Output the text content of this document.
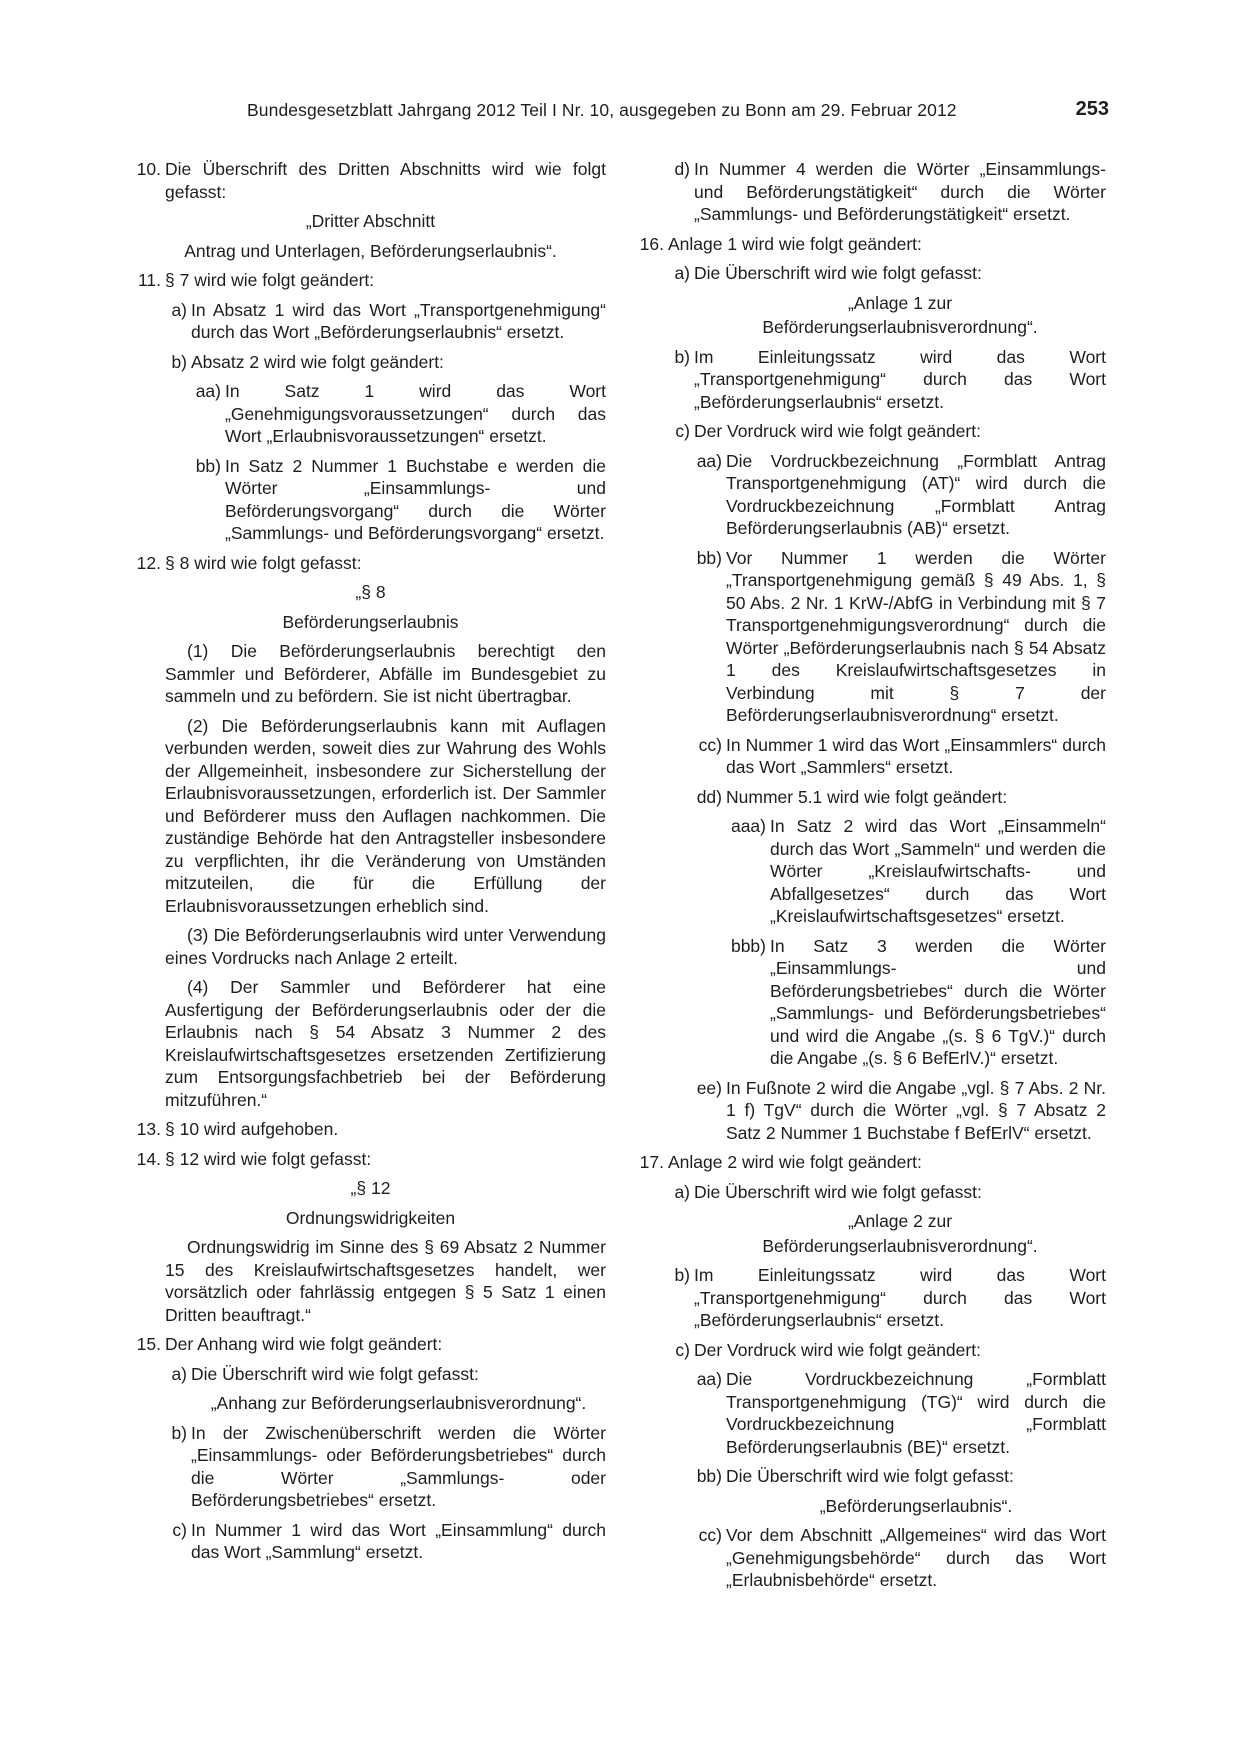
Bundesgesetzblatt Jahrgang 2012 Teil I Nr. 10, ausgegeben zu Bonn am 29. Februar 2012	253
10. Die Überschrift des Dritten Abschnitts wird wie folgt gefasst:
„Dritter Abschnitt
Antrag und Unterlagen, Beförderungserlaubnis“.
11. § 7 wird wie folgt geändert:
a) In Absatz 1 wird das Wort „Transportgenehmigung“ durch das Wort „Beförderungserlaubnis“ ersetzt.
b) Absatz 2 wird wie folgt geändert:
aa) In Satz 1 wird das Wort „Genehmigungsvoraussetzungen“ durch das Wort „Erlaubnisvoraussetzungen“ ersetzt.
bb) In Satz 2 Nummer 1 Buchstabe e werden die Wörter „Einsammlungs- und Beförderungsvorgang“ durch die Wörter „Sammlungs- und Beförderungsvorgang“ ersetzt.
12. § 8 wird wie folgt gefasst:
„§ 8
Beförderungserlaubnis
(1) Die Beförderungserlaubnis berechtigt den Sammler und Beförderer, Abfälle im Bundesgebiet zu sammeln und zu befördern. Sie ist nicht übertragbar.
(2) Die Beförderungserlaubnis kann mit Auflagen verbunden werden, soweit dies zur Wahrung des Wohls der Allgemeinheit, insbesondere zur Sicherstellung der Erlaubnisvoraussetzungen, erforderlich ist. Der Sammler und Beförderer muss den Auflagen nachkommen. Die zuständige Behörde hat den Antragsteller insbesondere zu verpflichten, ihr die Veränderung von Umständen mitzuteilen, die für die Erfüllung der Erlaubnisvoraussetzungen erheblich sind.
(3) Die Beförderungserlaubnis wird unter Verwendung eines Vordrucks nach Anlage 2 erteilt.
(4) Der Sammler und Beförderer hat eine Ausfertigung der Beförderungserlaubnis oder der die Erlaubnis nach § 54 Absatz 3 Nummer 2 des Kreislaufwirtschaftsgesetzes ersetzenden Zertifizierung zum Entsorgungsfachbetrieb bei der Beförderung mitzuführen.“
13. § 10 wird aufgehoben.
14. § 12 wird wie folgt gefasst:
„§ 12
Ordnungswidrigkeiten
Ordnungswidrig im Sinne des § 69 Absatz 2 Nummer 15 des Kreislaufwirtschaftsgesetzes handelt, wer vorsätzlich oder fahrlässig entgegen § 5 Satz 1 einen Dritten beauftragt.“
15. Der Anhang wird wie folgt geändert:
a) Die Überschrift wird wie folgt gefasst:
„Anhang zur Beförderungserlaubnisverordnung“.
b) In der Zwischenüberschrift werden die Wörter „Einsammlungs- oder Beförderungsbetriebes“ durch die Wörter „Sammlungs- oder Beförderungsbetriebes“ ersetzt.
c) In Nummer 1 wird das Wort „Einsammlung“ durch das Wort „Sammlung“ ersetzt.
d) In Nummer 4 werden die Wörter „Einsammlungs- und Beförderungstätigkeit“ durch die Wörter „Sammlungs- und Beförderungstätigkeit“ ersetzt.
16. Anlage 1 wird wie folgt geändert:
a) Die Überschrift wird wie folgt gefasst:
„Anlage 1 zur
Beförderungserlaubnisverordnung“.
b) Im Einleitungssatz wird das Wort „Transportgenehmigung“ durch das Wort „Beförderungserlaubnis“ ersetzt.
c) Der Vordruck wird wie folgt geändert:
aa) Die Vordruckbezeichnung „Formblatt Antrag Transportgenehmigung (AT)“ wird durch die Vordruckbezeichnung „Formblatt Antrag Beförderungserlaubnis (AB)“ ersetzt.
bb) Vor Nummer 1 werden die Wörter „Transportgenehmigung gemäß § 49 Abs. 1, § 50 Abs. 2 Nr. 1 KrW-/AbfG in Verbindung mit § 7 Transportgenehmigungsverordnung“ durch die Wörter „Beförderungserlaubnis nach § 54 Absatz 1 des Kreislaufwirtschaftsgesetzes in Verbindung mit § 7 der Beförderungserlaubnisverordnung“ ersetzt.
cc) In Nummer 1 wird das Wort „Einsammlers“ durch das Wort „Sammlers“ ersetzt.
dd) Nummer 5.1 wird wie folgt geändert:
aaa) In Satz 2 wird das Wort „Einsammeln“ durch das Wort „Sammeln“ und werden die Wörter „Kreislaufwirtschafts- und Abfallgesetzes“ durch das Wort „Kreislaufwirtschaftsgesetzes“ ersetzt.
bbb) In Satz 3 werden die Wörter „Einsammlungs- und Beförderungsbetriebes“ durch die Wörter „Sammlungs- und Beförderungsbetriebes“ und wird die Angabe „(s. § 6 TgV.)“ durch die Angabe „(s. § 6 BefErlV.)“ ersetzt.
ee) In Fußnote 2 wird die Angabe „vgl. § 7 Abs. 2 Nr. 1 f) TgV“ durch die Wörter „vgl. § 7 Absatz 2 Satz 2 Nummer 1 Buchstabe f BefErlV“ ersetzt.
17. Anlage 2 wird wie folgt geändert:
a) Die Überschrift wird wie folgt gefasst:
„Anlage 2 zur
Beförderungserlaubnisverordnung“.
b) Im Einleitungssatz wird das Wort „Transportgenehmigung“ durch das Wort „Beförderungserlaubnis“ ersetzt.
c) Der Vordruck wird wie folgt geändert:
aa) Die Vordruckbezeichnung „Formblatt Transportgenehmigung (TG)“ wird durch die Vordruckbezeichnung „Formblatt Beförderungserlaubnis (BE)“ ersetzt.
bb) Die Überschrift wird wie folgt gefasst:
„Beförderungserlaubnis“.
cc) Vor dem Abschnitt „Allgemeines“ wird das Wort „Genehmigungsbehörde“ durch das Wort „Erlaubnisbehörde“ ersetzt.
